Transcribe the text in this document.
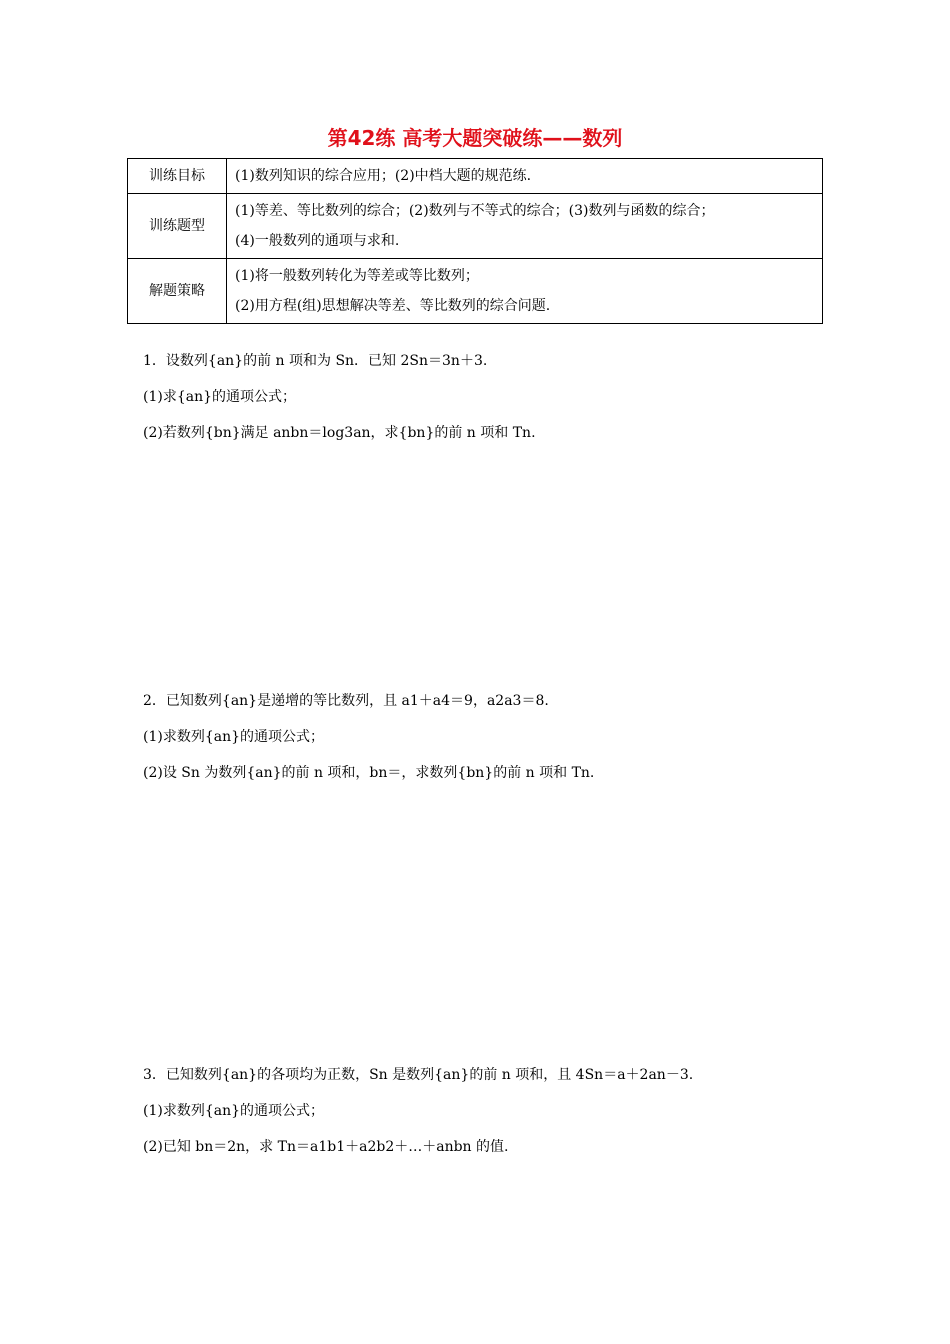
第42练 高考大题突破练——数列
训练目标	(1)数列知识的综合应用；(2)中档大题的规范练.

训练题型	(1)等差、等比数列的综合；(2)数列与不等式的综合；(3)数列与函数的综合；
(4)一般数列的通项与求和.

解题策略	(1)将一般数列转化为等差或等比数列；
(2)用方程(组)思想解决等差、等比数列的综合问题.
1．设数列{an}的前 n 项和为 Sn．已知 2Sn＝3n＋3.
(1)求{an}的通项公式；
(2)若数列{bn}满足 anbn＝log3an，求{bn}的前 n 项和 Tn.
2．已知数列{an}是递增的等比数列，且 a1＋a4＝9，a2a3＝8.
(1)求数列{an}的通项公式；
(2)设 Sn 为数列{an}的前 n 项和，bn＝，求数列{bn}的前 n 项和 Tn.
3．已知数列{an}的各项均为正数，Sn 是数列{an}的前 n 项和，且 4Sn＝a＋2an－3.
(1)求数列{an}的通项公式；
(2)已知 bn＝2n，求 Tn＝a1b1＋a2b2＋…＋anbn 的值.
